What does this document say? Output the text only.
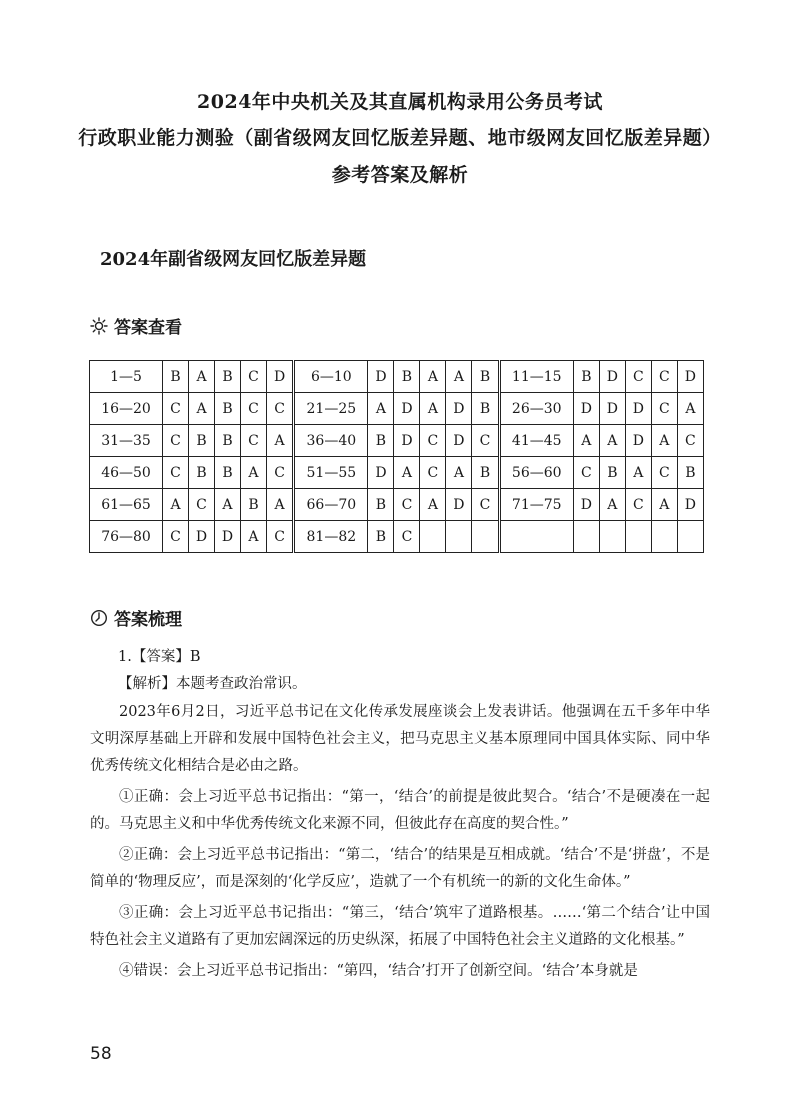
2024年中央机关及其直属机构录用公务员考试
行政职业能力测验（副省级网友回忆版差异题、地市级网友回忆版差异题）
参考答案及解析
2024年副省级网友回忆版差异题
答案查看
1—5	B	A	B	C	D	6—10	D	B	A	A	B	11—15	B	D	C	C	D
16—20	C	A	B	C	C	21—25	A	D	A	D	B	26—30	D	D	D	C	A
31—35	C	B	B	C	A	36—40	B	D	C	D	C	41—45	A	A	D	A	C
46—50	C	B	B	A	C	51—55	D	A	C	A	B	56—60	C	B	A	C	B
61—65	A	C	A	B	A	66—70	B	C	A	D	C	71—75	D	A	C	A	D
76—80	C	D	D	A	C	81—82	B	C									
答案梳理
1.【答案】B
【解析】本题考查政治常识。

2023年6月2日，习近平总书记在文化传承发展座谈会上发表讲话。他强调在五千多年中华文明深厚基础上开辟和发展中国特色社会主义，把马克思主义基本原理同中国具体实际、同中华优秀传统文化相结合是必由之路。

①正确：会上习近平总书记指出：“第一，‘结合’的前提是彼此契合。‘结合’不是硬凑在一起的。马克思主义和中华优秀传统文化来源不同，但彼此存在高度的契合性。”

②正确：会上习近平总书记指出：“第二，‘结合’的结果是互相成就。‘结合’不是‘拼盘’，不是简单的‘物理反应’，而是深刻的‘化学反应’，造就了一个有机统一的新的文化生命体。”

③正确：会上习近平总书记指出：“第三，‘结合’筑牢了道路根基。……‘第二个结合’让中国特色社会主义道路有了更加宏阔深远的历史纵深，拓展了中国特色社会主义道路的文化根基。”

④错误：会上习近平总书记指出：“第四，‘结合’打开了创新空间。‘结合’本身就是

58
